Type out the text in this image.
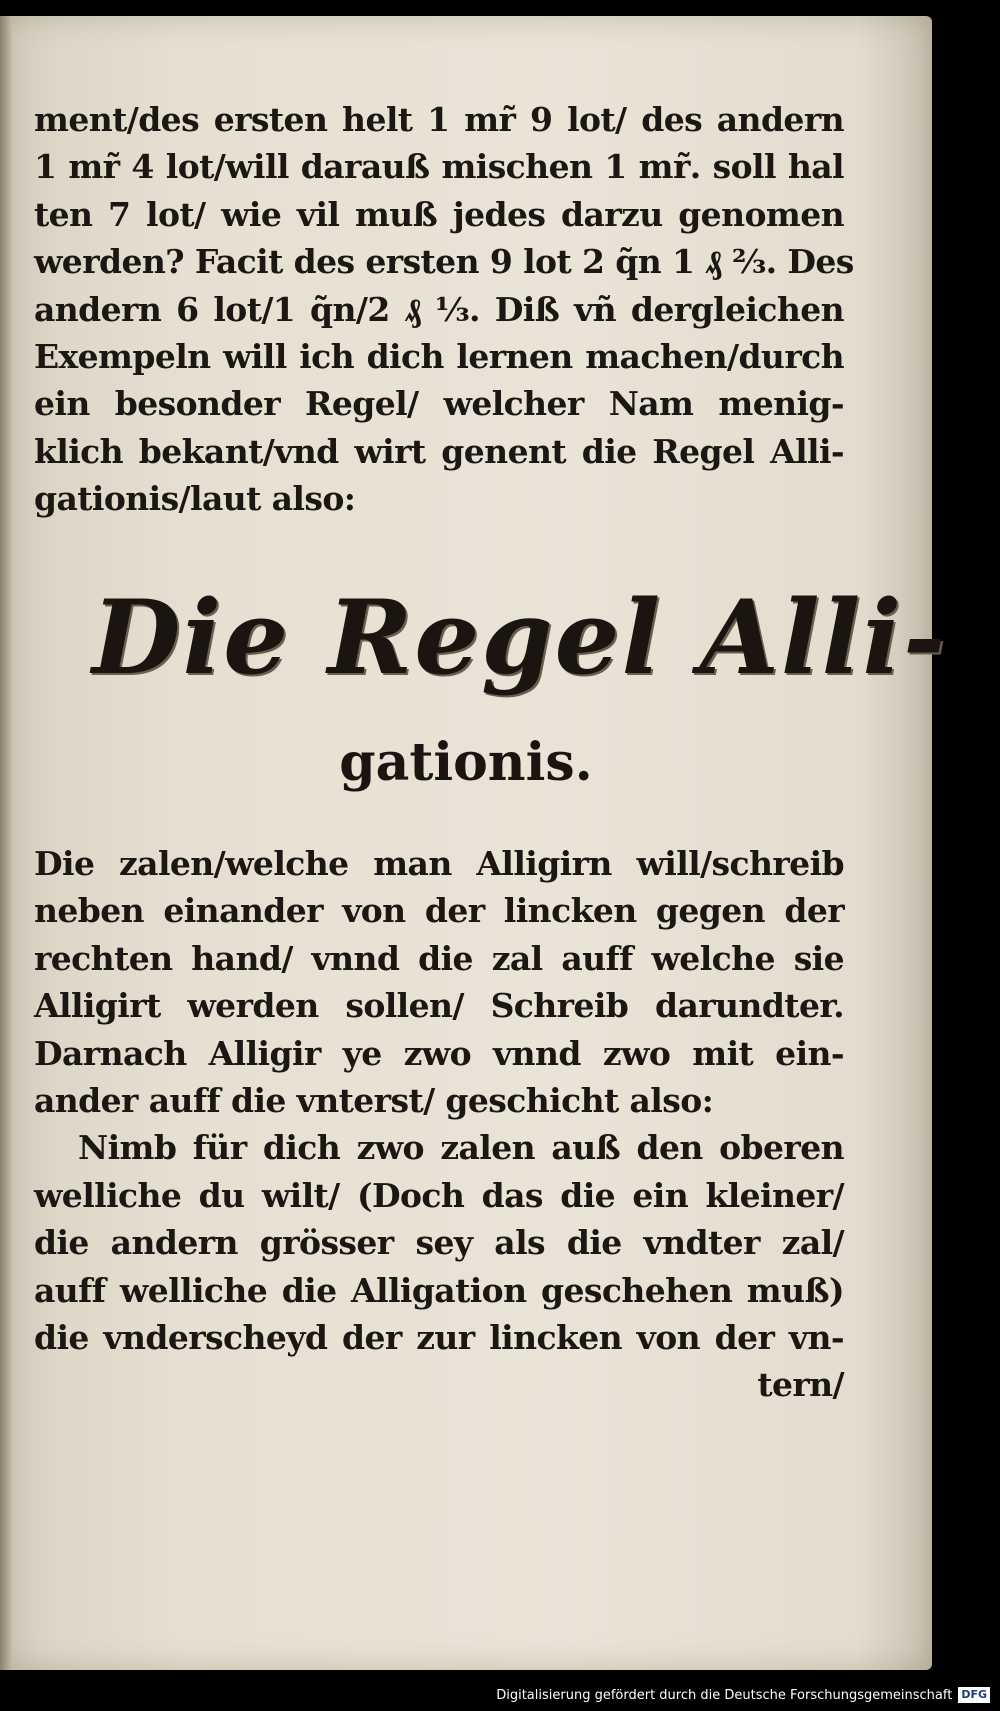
ment/des ersten helt 1 mr̃ 9 lot/ des andern
1 mr̃ 4 lot/will darauß mischen 1 mr̃. soll hal
ten 7 lot/ wie vil muß jedes darzu genomen
werden? Facit des ersten 9 lot 2 q̃n 1 ₰ ⅔. Des
andern 6 lot/1 q̃n/2 ₰ ⅓. Diß vñ dergleichen
Exempeln will ich dich lernen machen/durch
ein besonder Regel/ welcher Nam menig-
klich bekant/vnd wirt genent die Regel Alli-
gationis/laut also:
Die Regel Alli-
gationis.
Die zalen/welche man Alligirn will/schreib
neben einander von der lincken gegen der
rechten hand/ vnnd die zal auff welche sie
Alligirt werden sollen/ Schreib darundter.
Darnach Alligir ye zwo vnnd zwo mit ein-
ander auff die vnterst/ geschicht also:
Nimb für dich zwo zalen auß den oberen
welliche du wilt/ (Doch das die ein kleiner/
die andern grösser sey als die vndter zal/
auff welliche die Alligation geschehen muß)
die vnderscheyd der zur lincken von der vn-
tern/
Digitalisierung gefördert durch die Deutsche Forschungsgemeinschaft DFG
